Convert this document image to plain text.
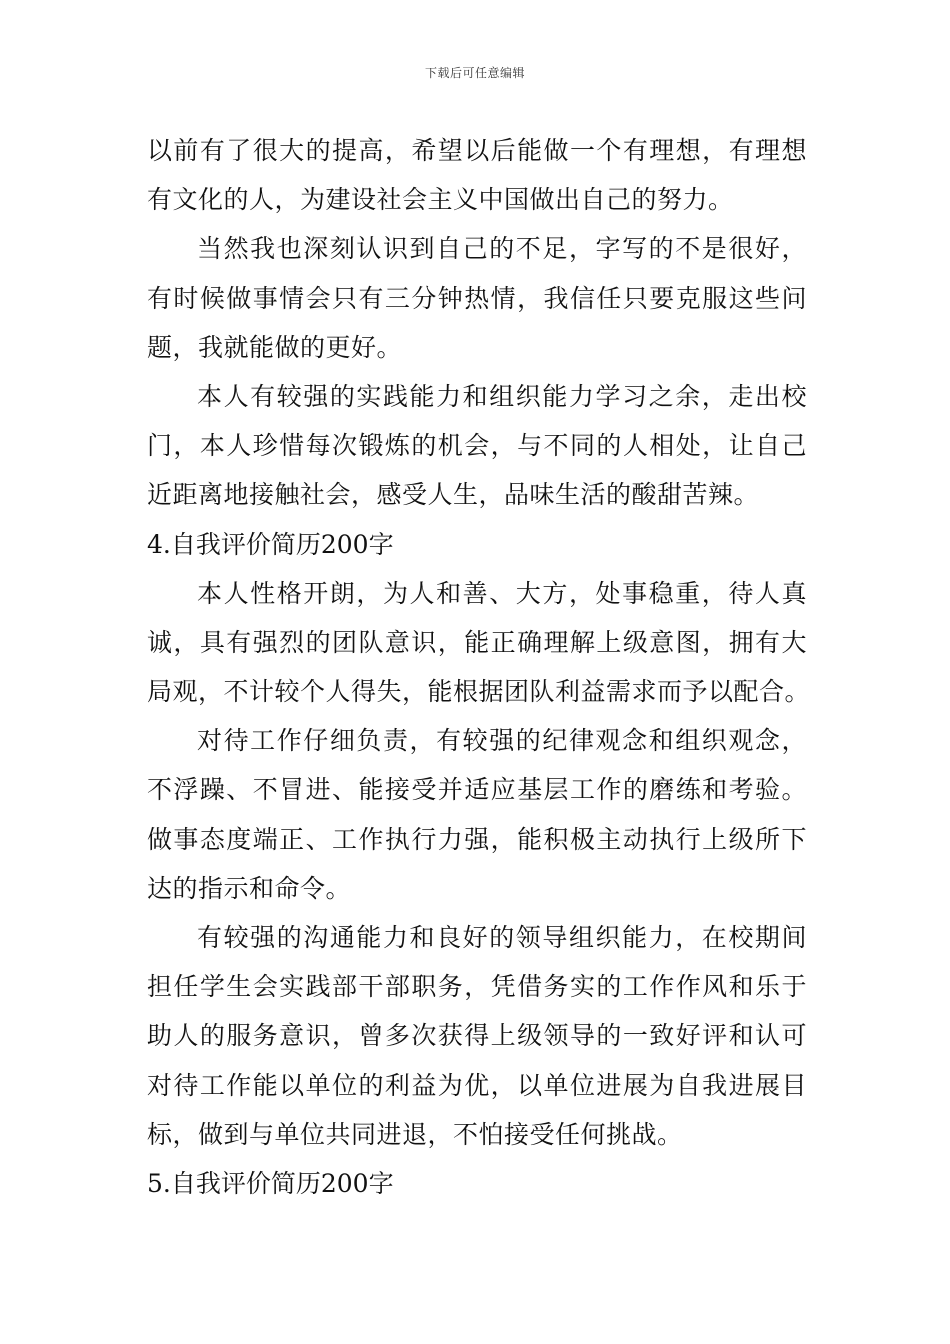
下载后可任意编辑
以前有了很大的提高，希望以后能做一个有理想，有理想
有文化的人，为建设社会主义中国做出自己的努力。
当然我也深刻认识到自己的不足，字写的不是很好，
有时候做事情会只有三分钟热情，我信任只要克服这些问
题，我就能做的更好。
本人有较强的实践能力和组织能力学习之余，走出校
门，本人珍惜每次锻炼的机会，与不同的人相处，让自己
近距离地接触社会，感受人生，品味生活的酸甜苦辣。
4.自我评价简历200字
本人性格开朗，为人和善、大方，处事稳重，待人真
诚，具有强烈的团队意识，能正确理解上级意图，拥有大
局观，不计较个人得失，能根据团队利益需求而予以配合。
对待工作仔细负责，有较强的纪律观念和组织观念，
不浮躁、不冒进、能接受并适应基层工作的磨练和考验。
做事态度端正、工作执行力强，能积极主动执行上级所下
达的指示和命令。
有较强的沟通能力和良好的领导组织能力，在校期间
担任学生会实践部干部职务，凭借务实的工作作风和乐于
助人的服务意识，曾多次获得上级领导的一致好评和认可
对待工作能以单位的利益为优，以单位进展为自我进展目
标，做到与单位共同进退，不怕接受任何挑战。
5.自我评价简历200字
